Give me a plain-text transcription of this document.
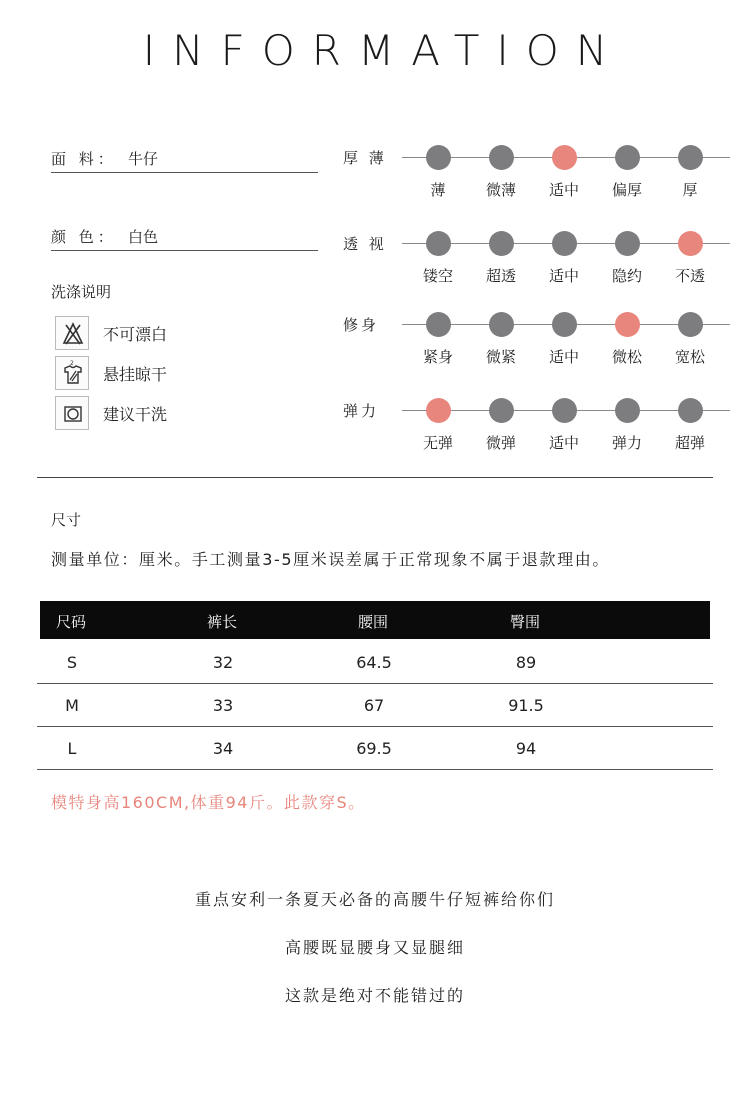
INFORMATION
面 料： 牛仔
颜 色： 白色
洗涤说明
不可漂白
2
悬挂晾干
建议干洗
厚 薄
薄	微薄	适中	偏厚	厚
透 视
镂空	超透	适中	隐约	不透
修身
紧身	微紧	适中	微松	宽松
弹力
无弹	微弹	适中	弹力	超弹
尺寸
测量单位：厘米。手工测量3-5厘米误差属于正常现象不属于退款理由。
尺码	裤长	腰围	臀围
S	32	64.5	89
M	33	67	91.5
L	34	69.5	94
模特身高160CM,体重94斤。此款穿S。
重点安利一条夏天必备的高腰牛仔短裤给你们
高腰既显腰身又显腿细
这款是绝对不能错过的
